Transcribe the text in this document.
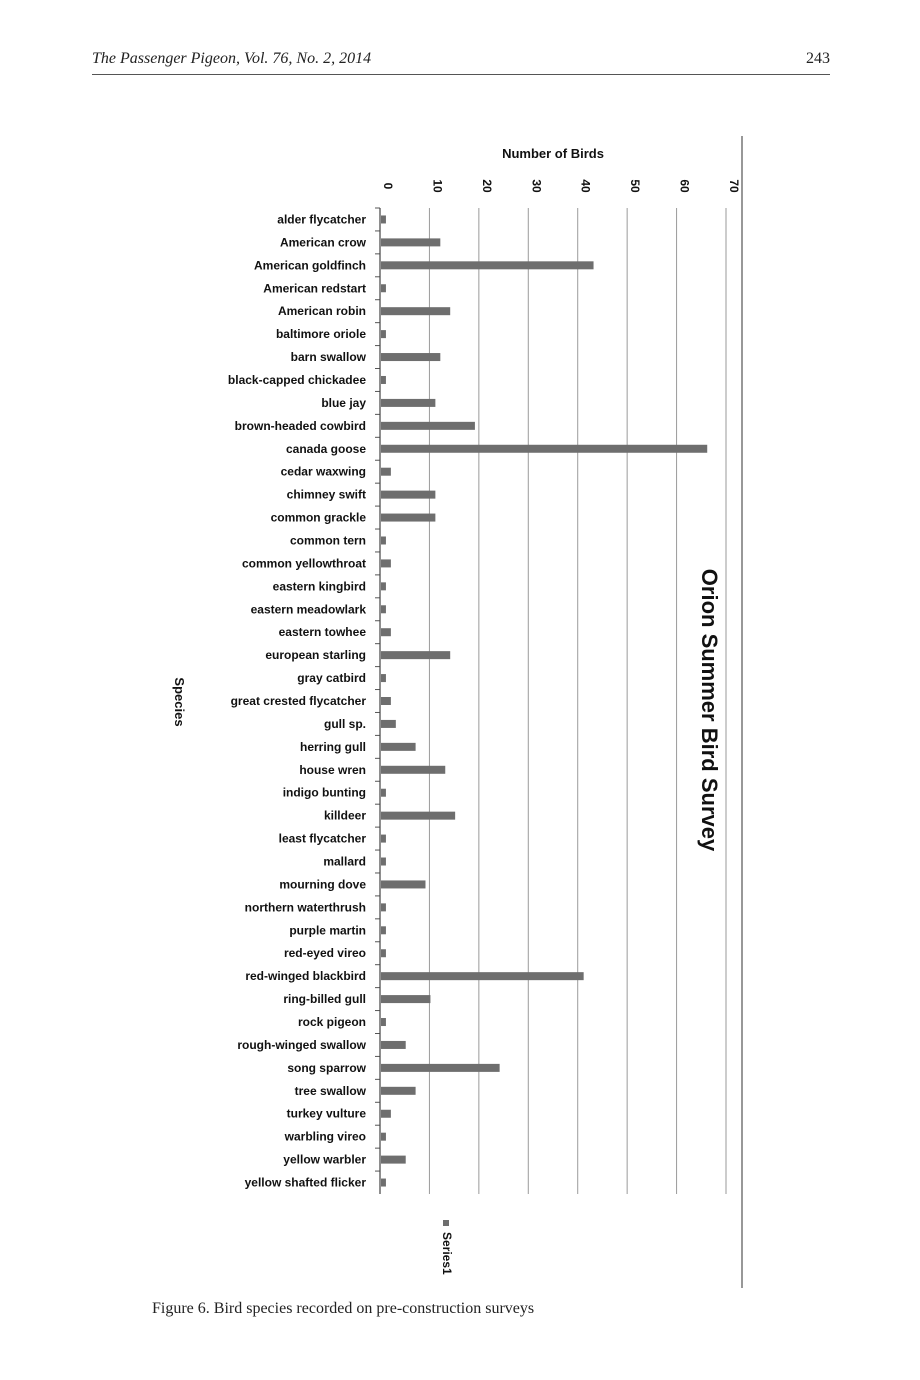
The Passenger Pigeon, Vol. 76, No. 2, 2014	243
alder flycatcher
American crow
American goldfinch
American redstart
American robin
baltimore oriole
barn swallow
black-capped chickadee
blue jay
brown-headed cowbird
canada goose
cedar waxwing
chimney swift
common grackle
common tern
common yellowthroat
eastern kingbird
eastern meadowlark
eastern towhee
european starling
gray catbird
great crested flycatcher
gull sp.
herring gull
house wren
indigo bunting
killdeer
least flycatcher
mallard
mourning dove
northern waterthrush
purple martin
red-eyed vireo
red-winged blackbird
ring-billed gull
rock pigeon
rough-winged swallow
song sparrow
tree swallow
turkey vulture
warbling vireo
yellow warbler
yellow shafted flicker
0	10	20	30	40	50	60	70
Number of Birds
Species	Orion Summer Bird Survey
Series1
Figure 6. Bird species recorded on pre-construction surveys
